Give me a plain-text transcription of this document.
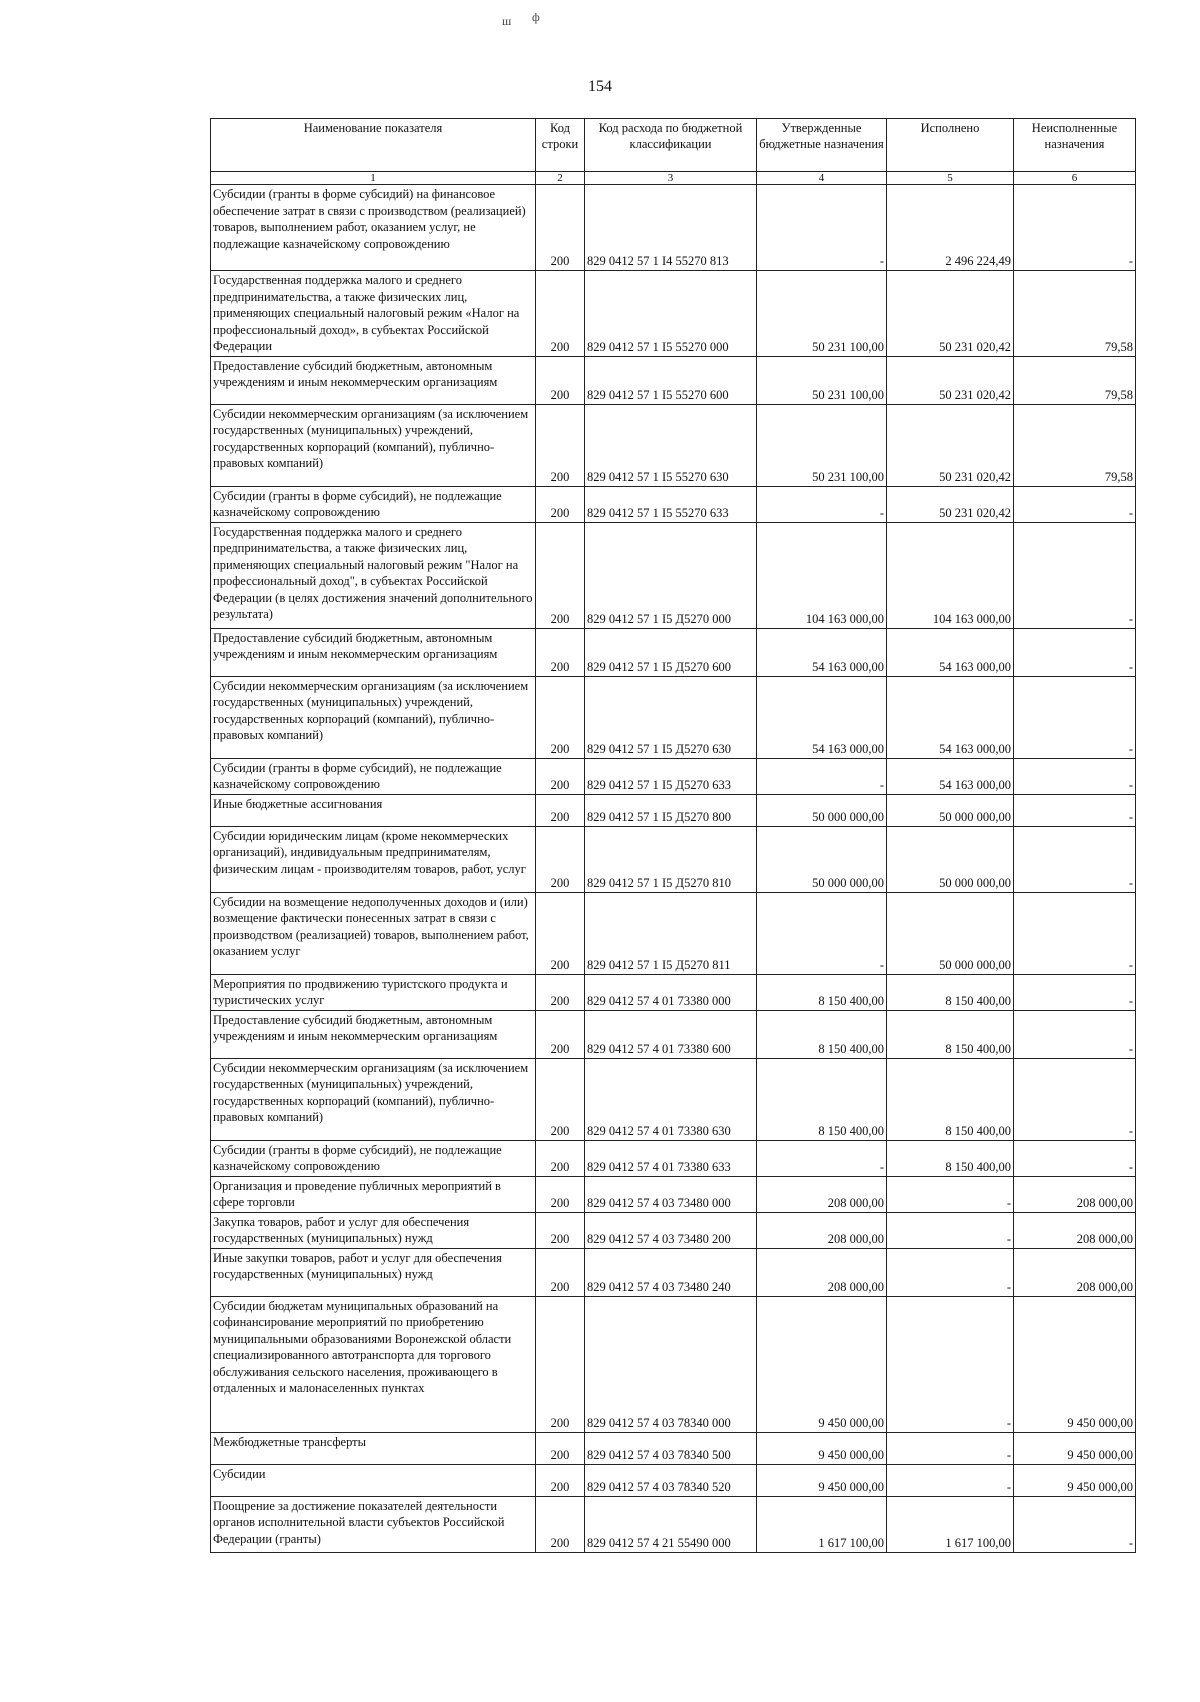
ш ф
154
Наименование показателя	Код строки	Код расхода по бюджетной классификации	Утвержденные бюджетные назначения	Исполнено	Неисполненные назначения
1	2	3	4	5	6
Субсидии (гранты в форме субсидий) на финансовое обеспечение затрат в связи с производством (реализацией) товаров, выполнением работ, оказанием услуг, не подлежащие казначейскому сопровождению	200	829 0412 57 1 I4 55270 813	-	2 496 224,49	-
Государственная поддержка малого и среднего предпринимательства, а также физических лиц, применяющих специальный налоговый режим «Налог на профессиональный доход», в субъектах Российской Федерации	200	829 0412 57 1 I5 55270 000	50 231 100,00	50 231 020,42	79,58
Предоставление субсидий бюджетным, автономным учреждениям и иным некоммерческим организациям	200	829 0412 57 1 I5 55270 600	50 231 100,00	50 231 020,42	79,58
Субсидии некоммерческим организациям (за исключением государственных (муниципальных) учреждений, государственных корпораций (компаний), публично-правовых компаний)	200	829 0412 57 1 I5 55270 630	50 231 100,00	50 231 020,42	79,58
Субсидии (гранты в форме субсидий), не подлежащие казначейскому сопровождению	200	829 0412 57 1 I5 55270 633	-	50 231 020,42	-
Государственная поддержка малого и среднего предпринимательства, а также физических лиц, применяющих специальный налоговый режим "Налог на профессиональный доход", в субъектах Российской Федерации (в целях достижения значений дополнительного результата)	200	829 0412 57 1 I5 Д5270 000	104 163 000,00	104 163 000,00	-
Предоставление субсидий бюджетным, автономным учреждениям и иным некоммерческим организациям	200	829 0412 57 1 I5 Д5270 600	54 163 000,00	54 163 000,00	-
Субсидии некоммерческим организациям (за исключением государственных (муниципальных) учреждений, государственных корпораций (компаний), публично-правовых компаний)	200	829 0412 57 1 I5 Д5270 630	54 163 000,00	54 163 000,00	-
Субсидии (гранты в форме субсидий), не подлежащие казначейскому сопровождению	200	829 0412 57 1 I5 Д5270 633	-	54 163 000,00	-
Иные бюджетные ассигнования	200	829 0412 57 1 I5 Д5270 800	50 000 000,00	50 000 000,00	-
Субсидии юридическим лицам (кроме некоммерческих организаций), индивидуальным предпринимателям, физическим лицам - производителям товаров, работ, услуг	200	829 0412 57 1 I5 Д5270 810	50 000 000,00	50 000 000,00	-
Субсидии на возмещение недополученных доходов и (или) возмещение фактически понесенных затрат в связи с производством (реализацией) товаров, выполнением работ, оказанием услуг	200	829 0412 57 1 I5 Д5270 811	-	50 000 000,00	-
Мероприятия по продвижению туристского продукта и туристических услуг	200	829 0412 57 4 01 73380 000	8 150 400,00	8 150 400,00	-
Предоставление субсидий бюджетным, автономным учреждениям и иным некоммерческим организациям	200	829 0412 57 4 01 73380 600	8 150 400,00	8 150 400,00	-
Субсидии некоммерческим организациям (за исключением государственных (муниципальных) учреждений, государственных корпораций (компаний), публично-правовых компаний)	200	829 0412 57 4 01 73380 630	8 150 400,00	8 150 400,00	-
Субсидии (гранты в форме субсидий), не подлежащие казначейскому сопровождению	200	829 0412 57 4 01 73380 633	-	8 150 400,00	-
Организация и проведение публичных мероприятий в сфере торговли	200	829 0412 57 4 03 73480 000	208 000,00	-	208 000,00
Закупка товаров, работ и услуг для обеспечения государственных (муниципальных) нужд	200	829 0412 57 4 03 73480 200	208 000,00	-	208 000,00
Иные закупки товаров, работ и услуг для обеспечения государственных (муниципальных) нужд	200	829 0412 57 4 03 73480 240	208 000,00	-	208 000,00
Субсидии бюджетам муниципальных образований на софинансирование мероприятий по приобретению муниципальными образованиями Воронежской области специализированного автотранспорта для торгового обслуживания сельского населения, проживающего в отдаленных и малонаселенных пунктах	200	829 0412 57 4 03 78340 000	9 450 000,00	-	9 450 000,00
Межбюджетные трансферты	200	829 0412 57 4 03 78340 500	9 450 000,00	-	9 450 000,00
Субсидии	200	829 0412 57 4 03 78340 520	9 450 000,00	-	9 450 000,00
Поощрение за достижение показателей деятельности органов исполнительной власти субъектов Российской Федерации (гранты)	200	829 0412 57 4 21 55490 000	1 617 100,00	1 617 100,00	-
